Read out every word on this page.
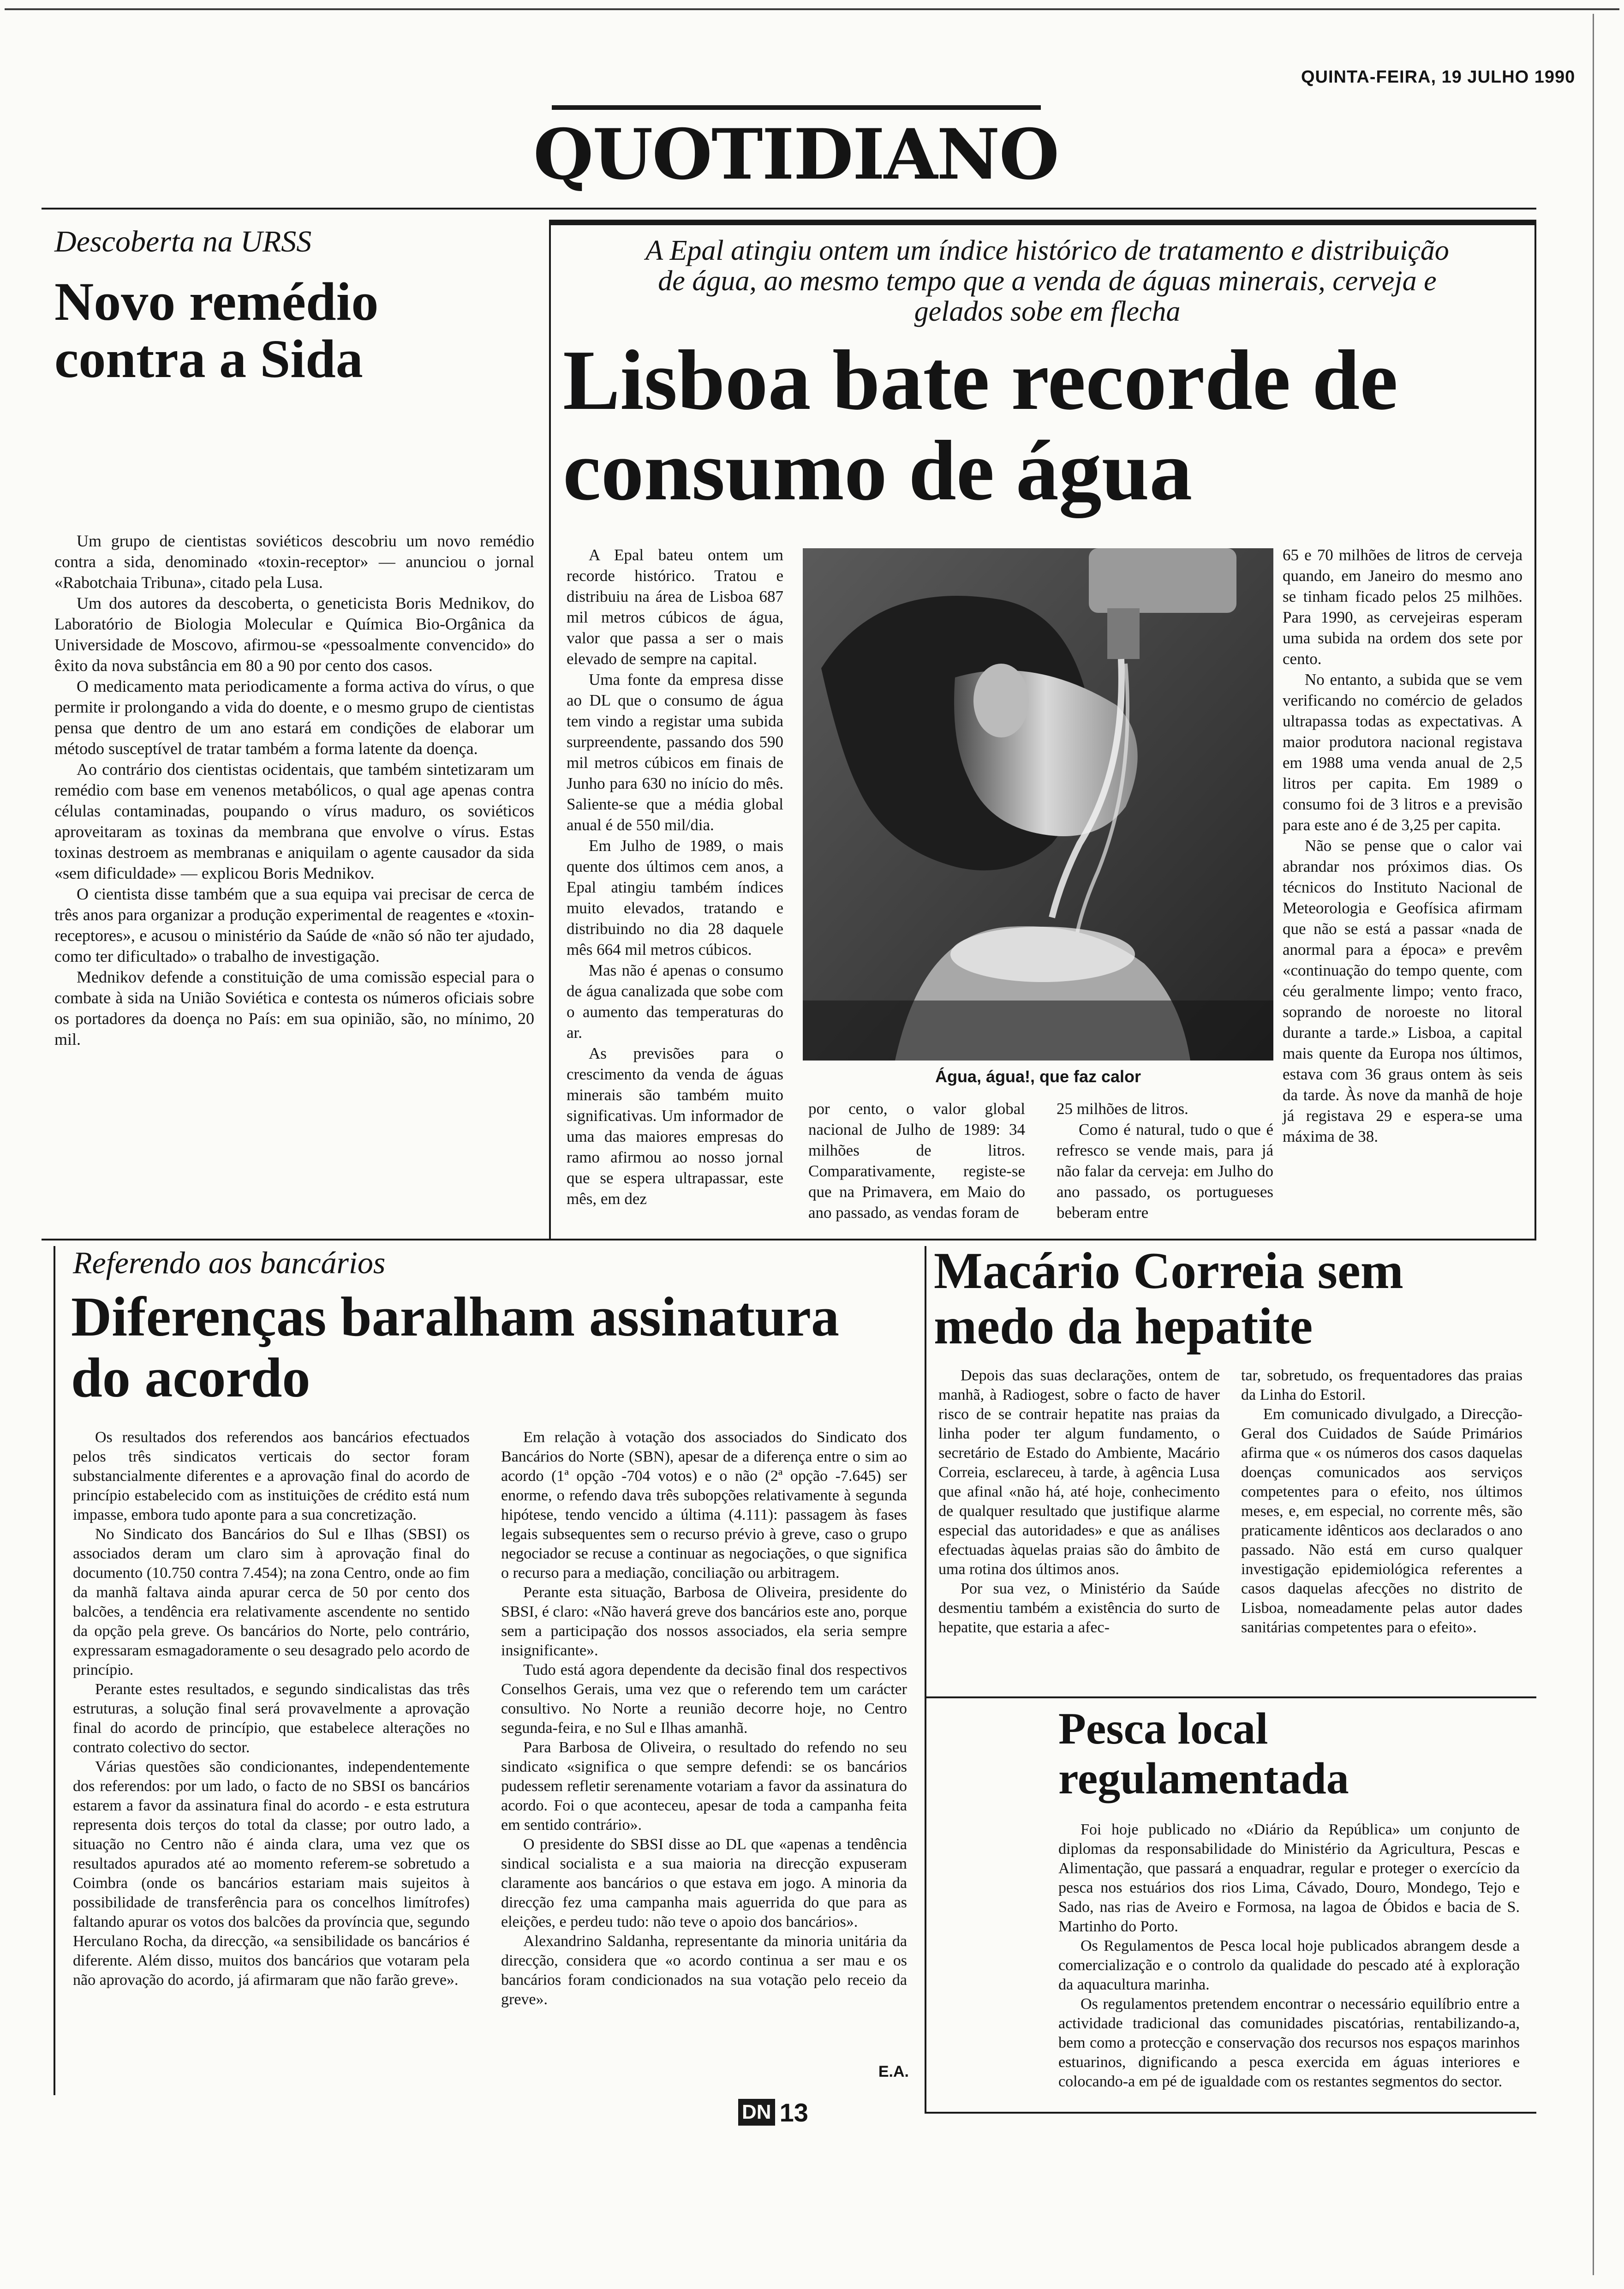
QUINTA-FEIRA, 19 JULHO 1990
QUOTIDIANO
Descoberta na URSS
Novo remédio contra a Sida

Um grupo de cientistas soviéticos descobriu um novo remédio contra a sida, denominado «toxin-receptor» — anunciou o jornal «Rabotchaia Tribuna», citado pela Lusa.

Um dos autores da descoberta, o geneticista Boris Mednikov, do Laboratório de Biologia Molecular e Química Bio-Orgânica da Universidade de Moscovo, afirmou-se «pessoalmente convencido» do êxito da nova substância em 80 a 90 por cento dos casos.

O medicamento mata periodicamente a forma activa do vírus, o que permite ir prolongando a vida do doente, e o mesmo grupo de cientistas pensa que dentro de um ano estará em condições de elaborar um método susceptível de tratar também a forma latente da doença.

Ao contrário dos cientistas ocidentais, que também sintetizaram um remédio com base em venenos metabólicos, o qual age apenas contra células contaminadas, poupando o vírus maduro, os soviéticos aproveitaram as toxinas da membrana que envolve o vírus. Estas toxinas destroem as membranas e aniquilam o agente causador da sida «sem dificuldade» — explicou Boris Mednikov.

O cientista disse também que a sua equipa vai precisar de cerca de três anos para organizar a produção experimental de reagentes e «toxin-receptores», e acusou o ministério da Saúde de «não só não ter ajudado, como ter dificultado» o trabalho de investigação.

Mednikov defende a constituição de uma comissão especial para o combate à sida na União Soviética e contesta os números oficiais sobre os portadores da doença no País: em sua opinião, são, no mínimo, 20 mil.

A Epal atingiu ontem um índice histórico de tratamento e distribuição de água, ao mesmo tempo que a venda de águas minerais, cerveja e gelados sobe em flecha
Lisboa bate recorde de consumo de água

A Epal bateu ontem um recorde histórico. Tratou e distribuiu na área de Lisboa 687 mil metros cúbicos de água, valor que passa a ser o mais elevado de sempre na capital.

Uma fonte da empresa disse ao DL que o consumo de água tem vindo a registar uma subida surpreendente, passando dos 590 mil metros cúbicos em finais de Junho para 630 no início do mês. Saliente-se que a média global anual é de 550 mil/dia.

Em Julho de 1989, o mais quente dos últimos cem anos, a Epal atingiu também índices muito elevados, tratando e distribuindo no dia 28 daquele mês 664 mil metros cúbicos.

Mas não é apenas o consumo de água canalizada que sobe com o aumento das temperaturas do ar.

As previsões para o crescimento da venda de águas minerais são também muito significativas. Um informador de uma das maiores empresas do ramo afirmou ao nosso jornal que se espera ultrapassar, este mês, em dez

Água, água!, que faz calor

por cento, o valor global nacional de Julho de 1989: 34 milhões de litros. Comparativamente, registe-se que na Primavera, em Maio do ano passado, as vendas foram de

25 milhões de litros.

Como é natural, tudo o que é refresco se vende mais, para já não falar da cerveja: em Julho do ano passado, os portugueses beberam entre

65 e 70 milhões de litros de cerveja quando, em Janeiro do mesmo ano se tinham ficado pelos 25 milhões. Para 1990, as cervejeiras esperam uma subida na ordem dos sete por cento.

No entanto, a subida que se vem verificando no comércio de gelados ultrapassa todas as expectativas. A maior produtora nacional registava em 1988 uma venda anual de 2,5 litros per capita. Em 1989 o consumo foi de 3 litros e a previsão para este ano é de 3,25 per capita.

Não se pense que o calor vai abrandar nos próximos dias. Os técnicos do Instituto Nacional de Meteorologia e Geofísica afirmam que não se está a passar «nada de anormal para a época» e prevêm «continuação do tempo quente, com céu geralmente limpo; vento fraco, soprando de noroeste no litoral durante a tarde.» Lisboa, a capital mais quente da Europa nos últimos, estava com 36 graus ontem às seis da tarde. Às nove da manhã de hoje já registava 29 e espera-se uma máxima de 38.

Referendo aos bancários
Diferenças baralham assinatura do acordo

Os resultados dos referendos aos bancários efectuados pelos três sindicatos verticais do sector foram substancialmente diferentes e a aprovação final do acordo de princípio estabelecido com as instituições de crédito está num impasse, embora tudo aponte para a sua concretização.

No Sindicato dos Bancários do Sul e Ilhas (SBSI) os associados deram um claro sim à aprovação final do documento (10.750 contra 7.454); na zona Centro, onde ao fim da manhã faltava ainda apurar cerca de 50 por cento dos balcões, a tendência era relativamente ascendente no sentido da opção pela greve. Os bancários do Norte, pelo contrário, expressaram esmagadoramente o seu desagrado pelo acordo de princípio.

Perante estes resultados, e segundo sindicalistas das três estruturas, a solução final será provavelmente a aprovação final do acordo de princípio, que estabelece alterações no contrato colectivo do sector.

Várias questões são condicionantes, independentemente dos referendos: por um lado, o facto de no SBSI os bancários estarem a favor da assinatura final do acordo - e esta estrutura representa dois terços do total da classe; por outro lado, a situação no Centro não é ainda clara, uma vez que os resultados apurados até ao momento referem-se sobretudo a Coimbra (onde os bancários estariam mais sujeitos à possibilidade de transferência para os concelhos limítrofes) faltando apurar os votos dos balcões da província que, segundo Herculano Rocha, da direcção, «a sensibilidade os bancários é diferente. Além disso, muitos dos bancários que votaram pela não aprovação do acordo, já afirmaram que não farão greve».

Em relação à votação dos associados do Sindicato dos Bancários do Norte (SBN), apesar de a diferença entre o sim ao acordo (1ª opção -704 votos) e o não (2ª opção -7.645) ser enorme, o refendo dava três subopções relativamente à segunda hipótese, tendo vencido a última (4.111): passagem às fases legais subsequentes sem o recurso prévio à greve, caso o grupo negociador se recuse a continuar as negociações, o que significa o recurso para a mediação, conciliação ou arbitragem.

Perante esta situação, Barbosa de Oliveira, presidente do SBSI, é claro: «Não haverá greve dos bancários este ano, porque sem a participação dos nossos associados, ela seria sempre insignificante».

Tudo está agora dependente da decisão final dos respectivos Conselhos Gerais, uma vez que o referendo tem um carácter consultivo. No Norte a reunião decorre hoje, no Centro segunda-feira, e no Sul e Ilhas amanhã.

Para Barbosa de Oliveira, o resultado do refendo no seu sindicato «significa o que sempre defendi: se os bancários pudessem refletir serenamente votariam a favor da assinatura do acordo. Foi o que aconteceu, apesar de toda a campanha feita em sentido contrário».

O presidente do SBSI disse ao DL que «apenas a tendência sindical socialista e a sua maioria na direcção expuseram claramente aos bancários o que estava em jogo. A minoria da direcção fez uma campanha mais aguerrida do que para as eleições, e perdeu tudo: não teve o apoio dos bancários».

Alexandrino Saldanha, representante da minoria unitária da direcção, considera que «o acordo continua a ser mau e os bancários foram condicionados na sua votação pelo receio da greve».

E.A.
Macário Correia sem medo da hepatite

Depois das suas declarações, ontem de manhã, à Radiogest, sobre o facto de haver risco de se contrair hepatite nas praias da linha poder ter algum fundamento, o secretário de Estado do Ambiente, Macário Correia, esclareceu, à tarde, à agência Lusa que afinal «não há, até hoje, conhecimento de qualquer resultado que justifique alarme especial das autoridades» e que as análises efectuadas àquelas praias são do âmbito de uma rotina dos últimos anos.

Por sua vez, o Ministério da Saúde desmentiu também a existência do surto de hepatite, que estaria a afec-

tar, sobretudo, os frequentadores das praias da Linha do Estoril.

Em comunicado divulgado, a Direcção-Geral dos Cuidados de Saúde Primários afirma que « os números dos casos daquelas doenças comunicados aos serviços competentes para o efeito, nos últimos meses, e, em especial, no corrente mês, são praticamente idênticos aos declarados o ano passado. Não está em curso qualquer investigação epidemiológica referentes a casos daquelas afecções no distrito de Lisboa, nomeadamente pelas autor dades sanitárias competentes para o efeito».

Pesca local regulamentada

Foi hoje publicado no «Diário da República» um conjunto de diplomas da responsabilidade do Ministério da Agricultura, Pescas e Alimentação, que passará a enquadrar, regular e proteger o exercício da pesca nos estuários dos rios Lima, Cávado, Douro, Mondego, Tejo e Sado, nas rias de Aveiro e Formosa, na lagoa de Óbidos e bacia de S. Martinho do Porto.

Os Regulamentos de Pesca local hoje publicados abrangem desde a comercialização e o controlo da qualidade do pescado até à exploração da aquacultura marinha.

Os regulamentos pretendem encontrar o necessário equilíbrio entre a actividade tradicional das comunidades piscatórias, rentabilizando-a, bem como a protecção e conservação dos recursos nos espaços marinhos estuarinos, dignificando a pesca exercida em águas interiores e colocando-a em pé de igualdade com os restantes segmentos do sector.

DN 13
